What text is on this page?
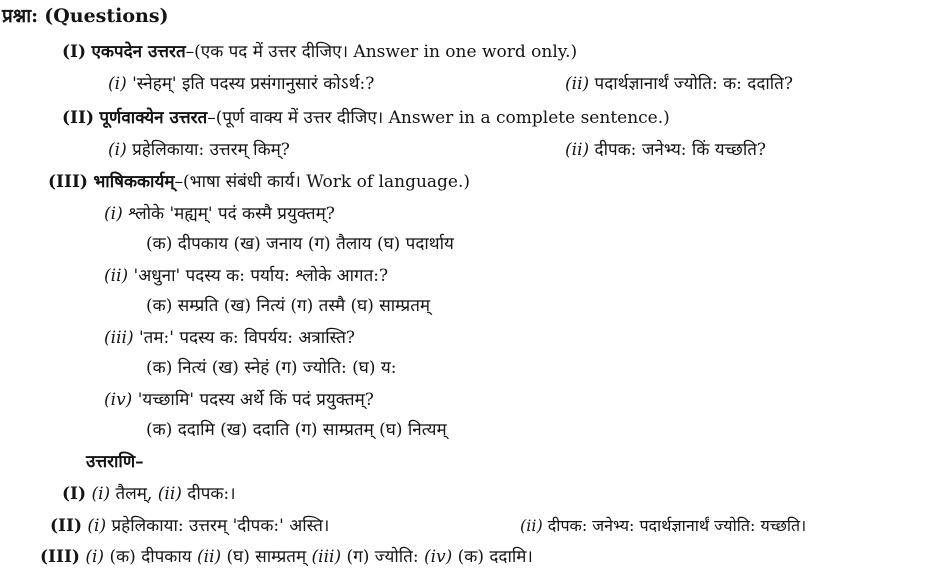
प्रश्ना: (Questions)
(I) एकपदेन उत्तरत–(एक पद में उत्तर दीजिए। Answer in one word only.)
(i) 'स्नेहम्' इति पदस्य प्रसंगानुसारं कोऽर्थ:?	(ii) पदार्थज्ञानार्थं ज्योति: क: ददाति?
(II) पूर्णवाक्येन उत्तरत–(पूर्ण वाक्य में उत्तर दीजिए। Answer in a complete sentence.)
(i) प्रहेलिकाया: उत्तरम् किम्?	(ii) दीपक: जनेभ्य: किं यच्छति?
(III) भाषिककार्यम्–(भाषा संबंधी कार्य। Work of language.)
(i) श्लोके 'मह्यम्' पदं कस्मै प्रयुक्तम्?
(क) दीपकाय (ख) जनाय (ग) तैलाय (घ) पदार्थाय
(ii) 'अधुना' पदस्य क: पर्याय: श्लोके आगत:?
(क) सम्प्रति (ख) नित्यं (ग) तस्मै (घ) साम्प्रतम्
(iii) 'तम:' पदस्य क: विपर्यय: अत्रास्ति?
(क) नित्यं (ख) स्नेहं (ग) ज्योति: (घ) य:
(iv) 'यच्छामि' पदस्य अर्थे किं पदं प्रयुक्तम्?
(क) ददामि (ख) ददाति (ग) साम्प्रतम् (घ) नित्यम्
उत्तराणि–
(I) (i) तैलम्, (ii) दीपक:।
(II) (i) प्रहेलिकाया: उत्तरम् 'दीपक:' अस्ति।	(ii) दीपक: जनेभ्य: पदार्थज्ञानार्थं ज्योति: यच्छति।
(III) (i) (क) दीपकाय (ii) (घ) साम्प्रतम् (iii) (ग) ज्योति: (iv) (क) ददामि।
